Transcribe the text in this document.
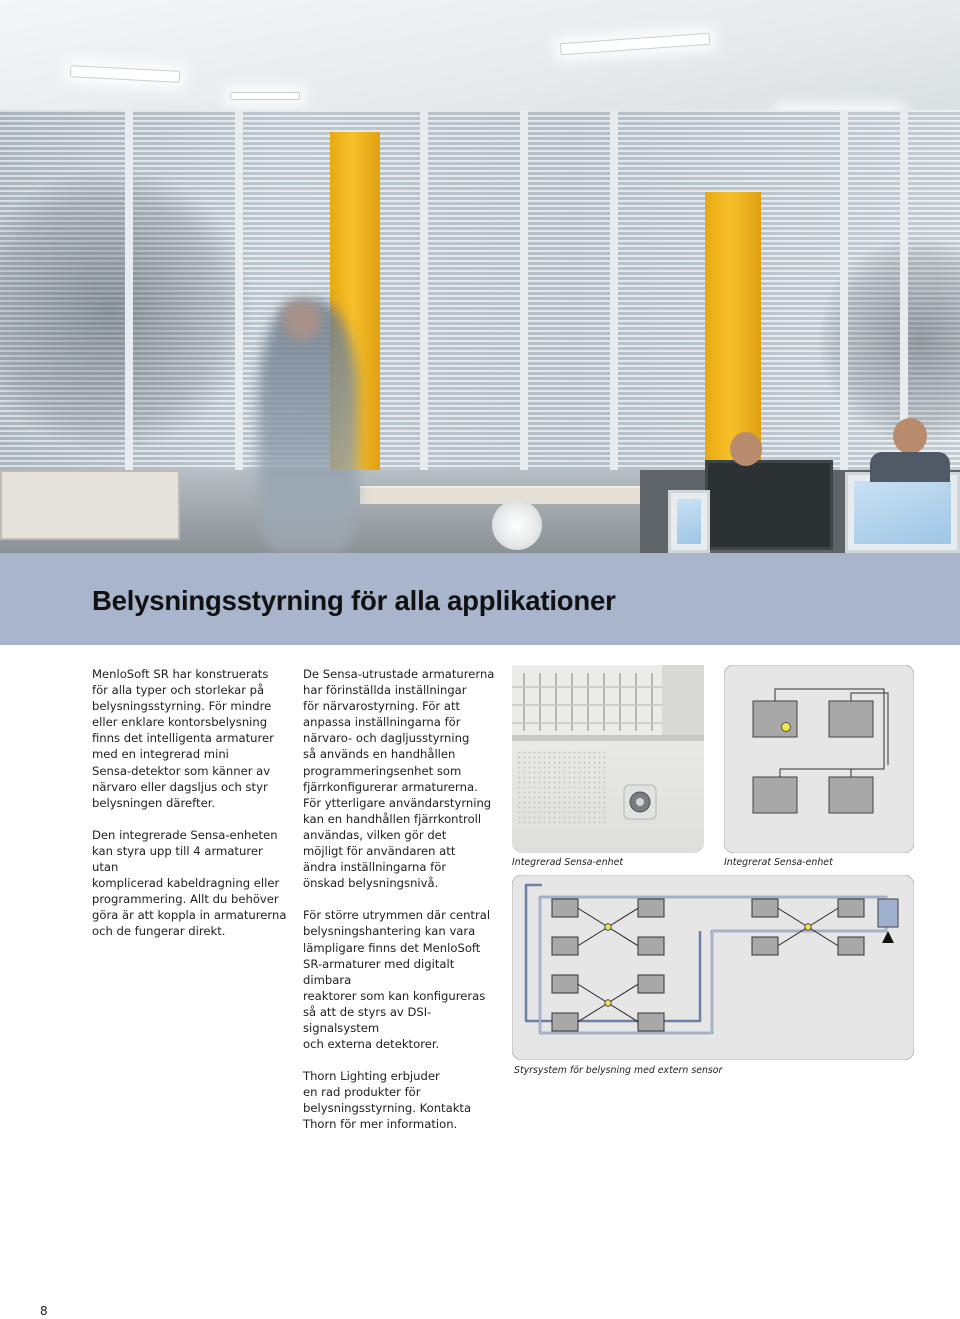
Belysningsstyrning för alla applikationer

MenloSoft SR har konstruerats
för alla typer och storlekar på
belysningsstyrning. För mindre
eller enklare kontorsbelysning
finns det intelligenta armaturer
med en integrerad mini
Sensa-detektor som känner av
närvaro eller dagsljus och styr
belysningen därefter.

Den integrerade Sensa-enheten
kan styra upp till 4 armaturer utan
komplicerad kabeldragning eller
programmering. Allt du behöver
göra är att koppla in armaturerna
och de fungerar direkt.

De Sensa-utrustade armaturerna
har förinställda inställningar
för närvarostyrning. För att
anpassa inställningarna för
närvaro- och dagljusstyrning
så används en handhållen
programmeringsenhet som
fjärrkonfigurerar armaturerna.
För ytterligare användarstyrning
kan en handhållen fjärrkontroll
användas, vilken gör det
möjligt för användaren att
ändra inställningarna för
önskad belysningsnivå.

För större utrymmen där central
belysningshantering kan vara
lämpligare finns det MenloSoft
SR-armaturer med digitalt dimbara
reaktorer som kan konfigureras
så att de styrs av DSI-signalsystem
och externa detektorer.

Thorn Lighting erbjuder
en rad produkter för
belysningsstyrning. Kontakta
Thorn för mer information.

Integrerad Sensa-enhet	Integrerat Sensa-enhet
Styrsystem för belysning med extern sensor
8
